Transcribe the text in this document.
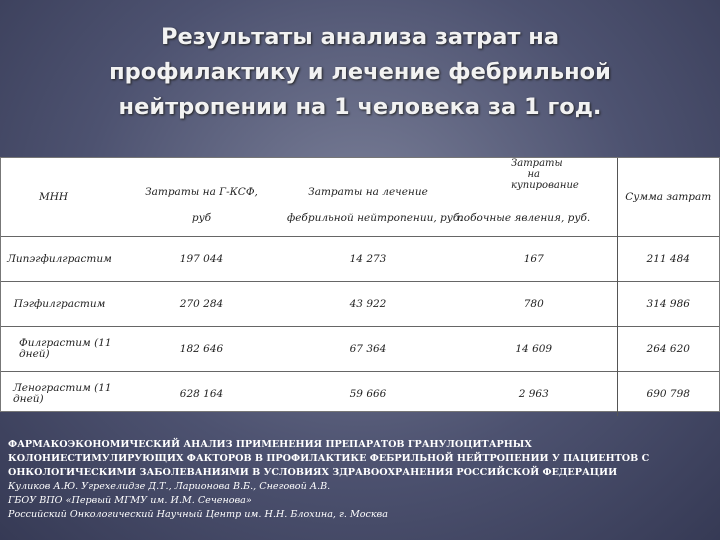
Результаты анализа затрат на
профилактику и лечение фебрильной
нейтропении на 1 человека за 1 год.
МНН	Затраты на Г-КСФ,	Затраты на лечение	Затраты на купирование	Сумма затрат
	руб	фебрильной нейтропении, руб.	побочные явления, руб.	
Липэгфилграстим	197 044	14 273	167	211 484
Пэгфилграстим	270 284	43 922	780	314 986
Филграстим (11 дней)	182 646	67 364	14 609	264 620
Ленограстим (11 дней)	628 164	59 666	2 963	690 798
ФАРМАКОЭКОНОМИЧЕСКИЙ АНАЛИЗ ПРИМЕНЕНИЯ ПРЕПАРАТОВ ГРАНУЛОЦИТАРНЫХ
КОЛОНИЕСТИМУЛИРУЮЩИХ ФАКТОРОВ В ПРОФИЛАКТИКЕ ФЕБРИЛЬНОЙ НЕЙТРОПЕНИИ У ПАЦИЕНТОВ С
ОНКОЛОГИЧЕСКИМИ ЗАБОЛЕВАНИЯМИ В УСЛОВИЯХ ЗДРАВООХРАНЕНИЯ РОССИЙСКОЙ ФЕДЕРАЦИИ
Куликов А.Ю. Угрехелидзе Д.Т., Ларионова В.Б., Снеговой А.В.
ГБОУ ВПО «Первый МГМУ им. И.М. Сеченова»
Российский Онкологический Научный Центр им. Н.Н. Блохина, г. Москва
